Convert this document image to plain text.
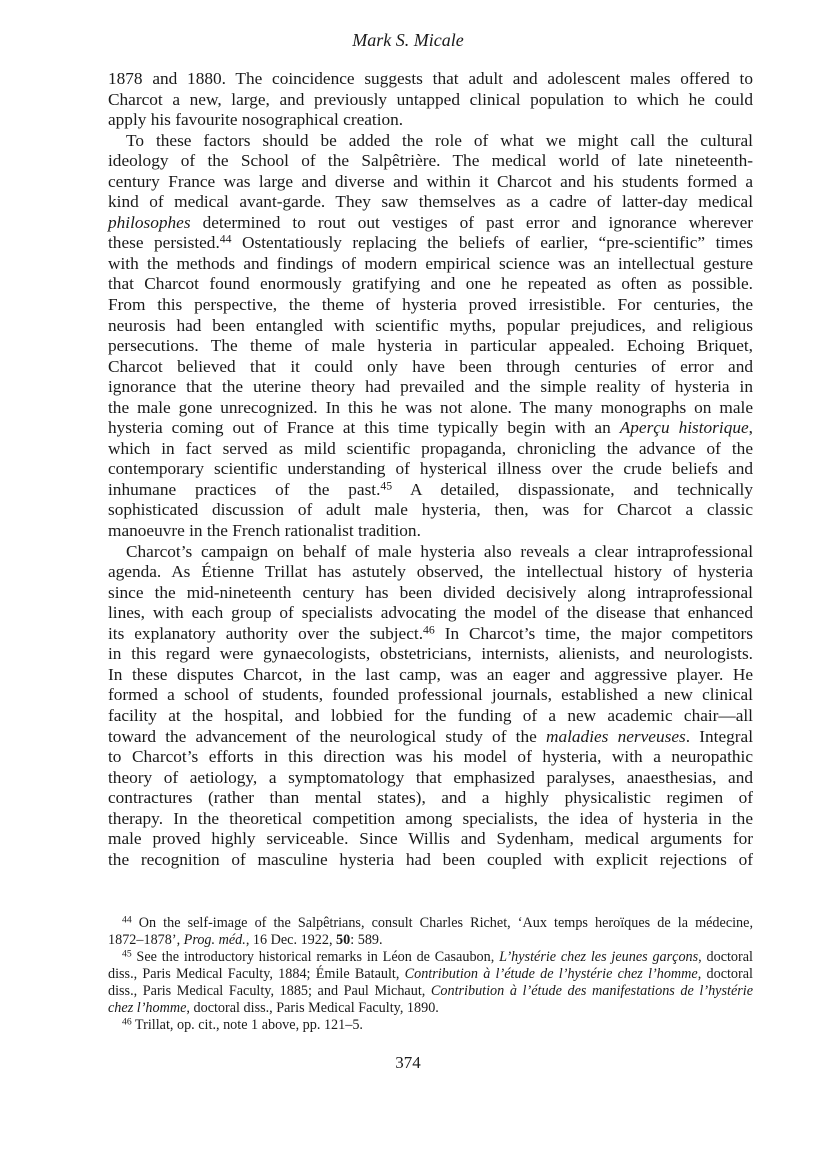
Mark S. Micale
1878 and 1880. The coincidence suggests that adult and adolescent males offered to
Charcot a new, large, and previously untapped clinical population to which he could
apply his favourite nosographical creation.
To these factors should be added the role of what we might call the cultural
ideology of the School of the Salpêtrière. The medical world of late nineteenth-
century France was large and diverse and within it Charcot and his students formed a
kind of medical avant-garde. They saw themselves as a cadre of latter-day medical
philosophes determined to rout out vestiges of past error and ignorance wherever
these persisted.$^{44}$ Ostentatiously replacing the beliefs of earlier, “pre-scientific” times
with the methods and findings of modern empirical science was an intellectual gesture
that Charcot found enormously gratifying and one he repeated as often as possible.
From this perspective, the theme of hysteria proved irresistible. For centuries, the
neurosis had been entangled with scientific myths, popular prejudices, and religious
persecutions. The theme of male hysteria in particular appealed. Echoing Briquet,
Charcot believed that it could only have been through centuries of error and
ignorance that the uterine theory had prevailed and the simple reality of hysteria in
the male gone unrecognized. In this he was not alone. The many monographs on male
hysteria coming out of France at this time typically begin with an Aperçu historique,
which in fact served as mild scientific propaganda, chronicling the advance of the
contemporary scientific understanding of hysterical illness over the crude beliefs and
inhumane practices of the past.$^{45}$ A detailed, dispassionate, and technically
sophisticated discussion of adult male hysteria, then, was for Charcot a classic
manoeuvre in the French rationalist tradition.
Charcot’s campaign on behalf of male hysteria also reveals a clear intraprofessional
agenda. As Étienne Trillat has astutely observed, the intellectual history of hysteria
since the mid-nineteenth century has been divided decisively along intraprofessional
lines, with each group of specialists advocating the model of the disease that enhanced
its explanatory authority over the subject.$^{46}$ In Charcot’s time, the major competitors
in this regard were gynaecologists, obstetricians, internists, alienists, and neurologists.
In these disputes Charcot, in the last camp, was an eager and aggressive player. He
formed a school of students, founded professional journals, established a new clinical
facility at the hospital, and lobbied for the funding of a new academic chair—all
toward the advancement of the neurological study of the maladies nerveuses. Integral
to Charcot’s efforts in this direction was his model of hysteria, with a neuropathic
theory of aetiology, a symptomatology that emphasized paralyses, anaesthesias, and
contractures (rather than mental states), and a highly physicalistic regimen of
therapy. In the theoretical competition among specialists, the idea of hysteria in the
male proved highly serviceable. Since Willis and Sydenham, medical arguments for
the recognition of masculine hysteria had been coupled with explicit rejections of
$^{44}$ On the self-image of the Salpêtrians, consult Charles Richet, ‘Aux temps heroïques de la médecine,
1872–1878’, Prog. méd., 16 Dec. 1922, 50: 589.
$^{45}$ See the introductory historical remarks in Léon de Casaubon, L’hystérie chez les jeunes garçons, doctoral
diss., Paris Medical Faculty, 1884; Émile Batault, Contribution à l’étude de l’hystérie chez l’homme, doctoral
diss., Paris Medical Faculty, 1885; and Paul Michaut, Contribution à l’étude des manifestations de l’hystérie
chez l’homme, doctoral diss., Paris Medical Faculty, 1890.
$^{46}$ Trillat, op. cit., note 1 above, pp. 121–5.
374
